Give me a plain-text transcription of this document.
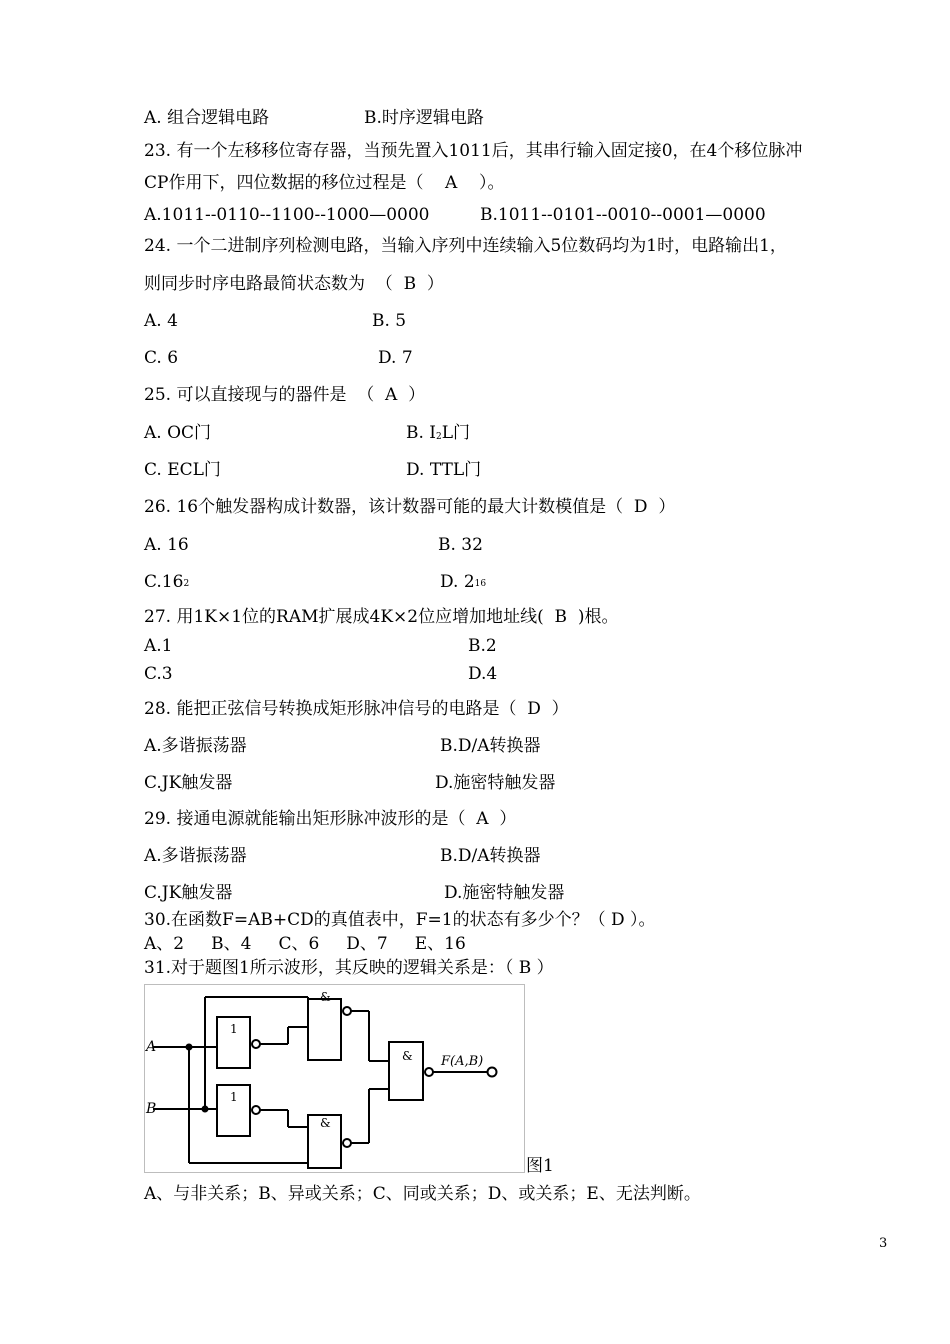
A. 组合逻辑电路	B.时序逻辑电路
23. 有一个左移移位寄存器，当预先置入1011后，其串行输入固定接0，在4个移位脉冲
CP作用下，四位数据的移位过程是（    A    ）。
A.1011--0110--1100--1000—0000	B.1011--0101--0010--0001—0000
24. 一个二进制序列检测电路，当输入序列中连续输入5位数码均为1时，电路输出1，
则同步时序电路最简状态数为  （  B  ）
A. 4	B. 5
C. 6	D. 7
25. 可以直接现与的器件是  （  A  ）
A. OC门	B. I2L门
C. ECL门	D. TTL门
26. 16个触发器构成计数器，该计数器可能的最大计数模值是（  D  ）
A. 16	B. 32
C.162	D. 216
27. 用1K×1位的RAM扩展成4K×2位应增加地址线(  B  )根。
A.1	B.2
C.3	D.4
28. 能把正弦信号转换成矩形脉冲信号的电路是（  D  ）
A.多谐振荡器	B.D/A转换器
C.JK触发器	D.施密特触发器
29. 接通电源就能输出矩形脉冲波形的是（  A  ）
A.多谐振荡器	B.D/A转换器
C.JK触发器	D.施密特触发器
30.在函数F=AB+CD的真值表中，F=1的状态有多少个？（ D ）。
A、2     B、4     C、6     D、7     E、16
31.对于题图1所示波形，其反映的逻辑关系是：（ B ）
A
B
F(A,B)
1
1
&
&
&
图1
A、与非关系；B、异或关系；C、同或关系；D、或关系；E、无法判断。
3
